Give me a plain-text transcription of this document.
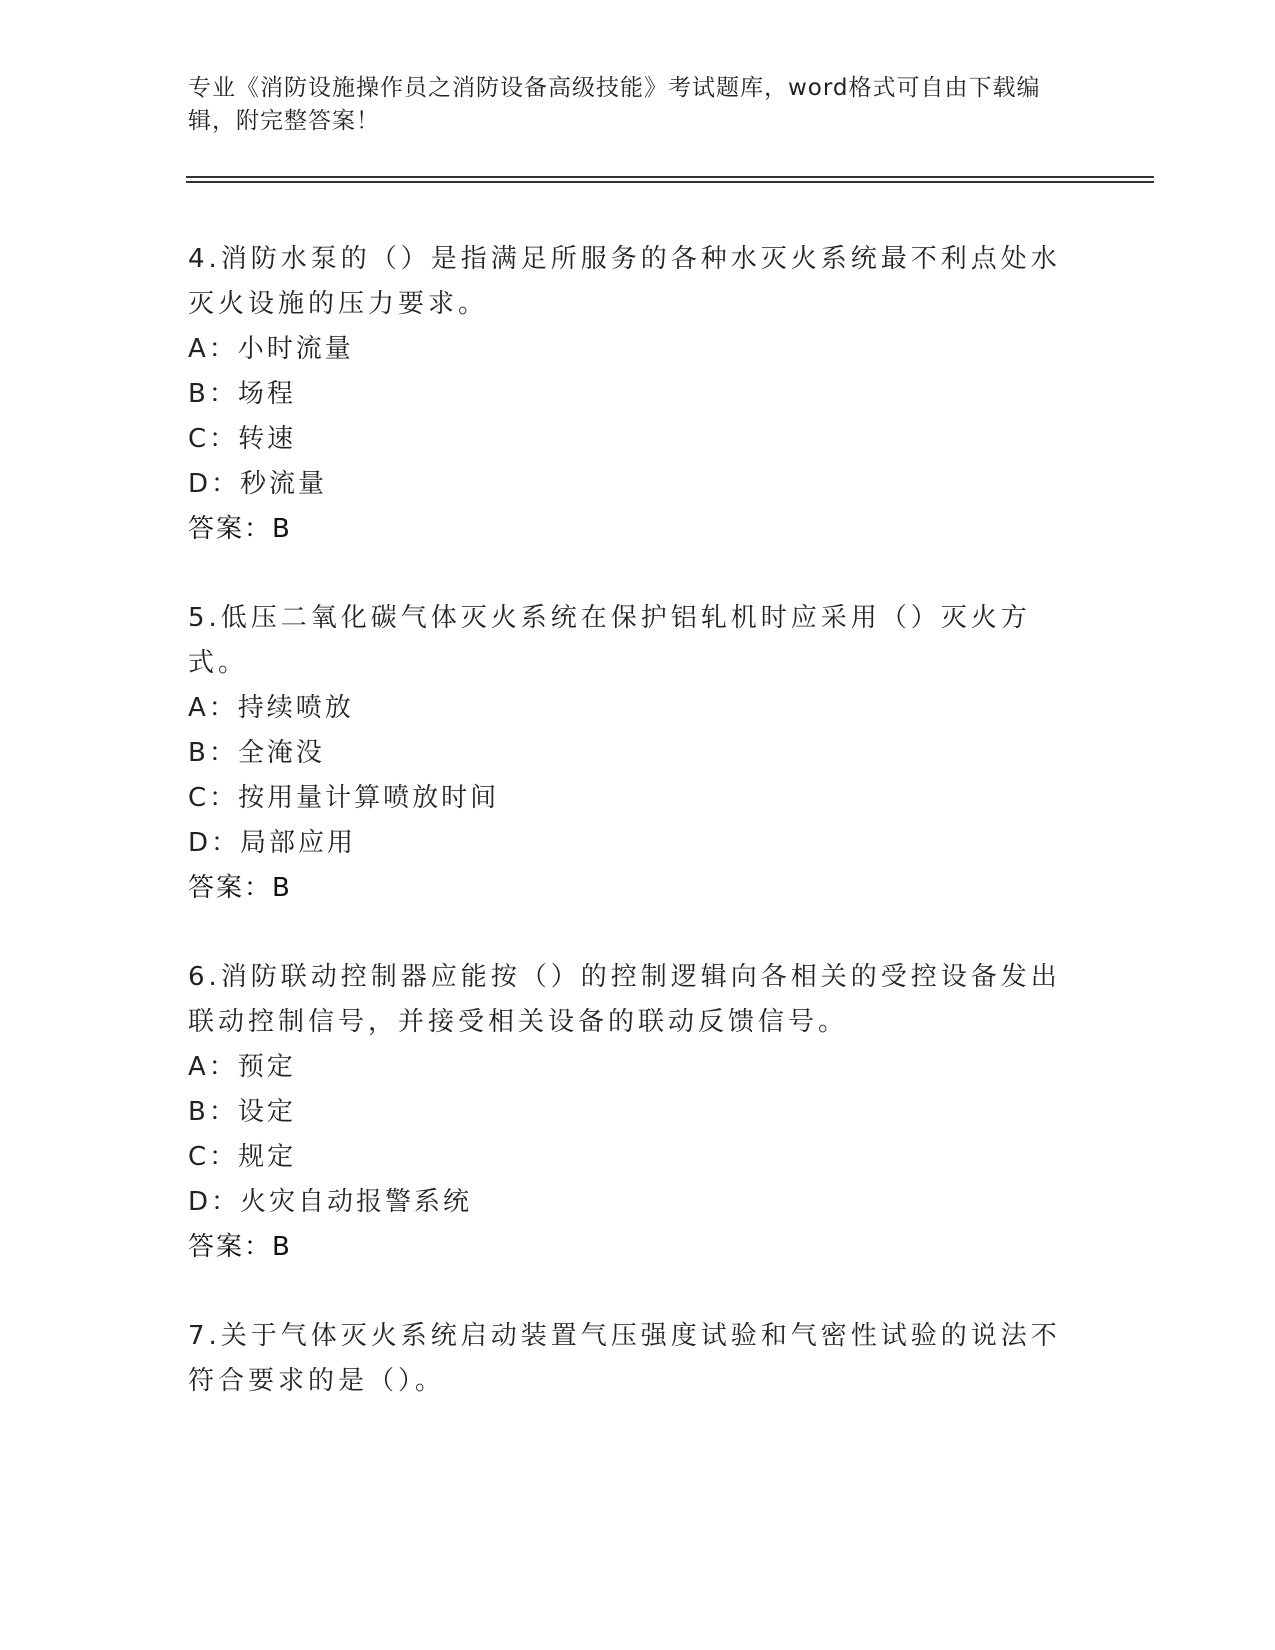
专业《消防设施操作员之消防设备高级技能》考试题库，word格式可自由下载编辑，附完整答案！
4.消防水泵的（）是指满足所服务的各种水灭火系统最不利点处水灭火设施的压力要求。
A：小时流量
B：场程
C：转速
D：秒流量
答案：B
5.低压二氧化碳气体灭火系统在保护铝轧机时应采用（）灭火方式。
A：持续喷放
B：全淹没
C：按用量计算喷放时间
D：局部应用
答案：B
6.消防联动控制器应能按（）的控制逻辑向各相关的受控设备发出联动控制信号，并接受相关设备的联动反馈信号。
A：预定
B：设定
C：规定
D：火灾自动报警系统
答案：B
7.关于气体灭火系统启动装置气压强度试验和气密性试验的说法不符合要求的是（）。
